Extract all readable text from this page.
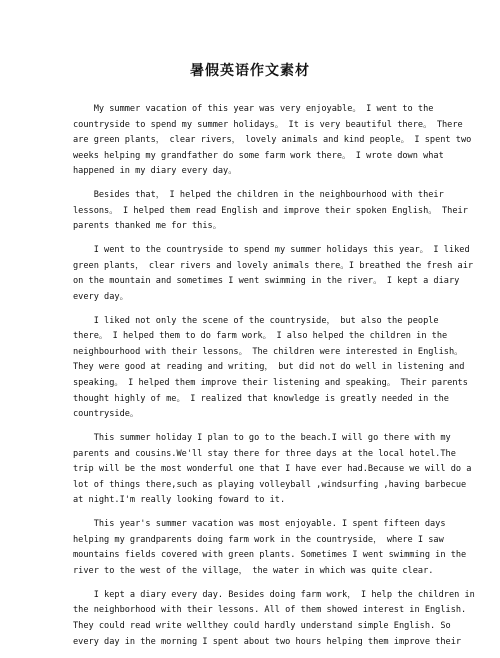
暑假英语作文素材
My summer vacation of this year was very enjoyable。 I went to the
countryside to spend my summer holidays。 It is very beautiful there。 There
are green plants， clear rivers， lovely animals and kind people。 I spent two
weeks helping my grandfather do some farm work there。 I wrote down what
happened in my diary every day。
Besides that， I helped the children in the neighbourhood with their
lessons。 I helped them read English and improve their spoken English。 Their
parents thanked me for this。
I went to the countryside to spend my summer holidays this year。 I liked
green plants， clear rivers and lovely animals there。I breathed the fresh air
on the mountain and sometimes I went swimming in the river。 I kept a diary
every day。
I liked not only the scene of the countryside， but also the people
there。 I helped them to do farm work。 I also helped the children in the
neighbourhood with their lessons。 The children were interested in English。
They were good at reading and writing， but did not do well in listening and
speaking。 I helped them improve their listening and speaking。 Their parents
thought highly of me。 I realized that knowledge is greatly needed in the
countryside。
This summer holiday I plan to go to the beach.I will go there with my
parents and cousins.We'll stay there for three days at the local hotel.The
trip will be the most wonderful one that I have ever had.Because we will do a
lot of things there,such as playing volleyball ,windsurfing ,having barbecue
at night.I'm really looking foward to it.
This year's summer vacation was most enjoyable. I spent fifteen days
helping my grandparents doing farm work in the countryside， where I saw
mountains fields covered with green plants. Sometimes I went swimming in the
river to the west of the village， the water in which was quite clear.
I kept a diary every day. Besides doing farm work， I help the children in
the neighborhood with their lessons. All of them showed interest in English.
They could read write wellthey could hardly understand simple English. So
every day in the morning I spent about two hours helping them improve their
